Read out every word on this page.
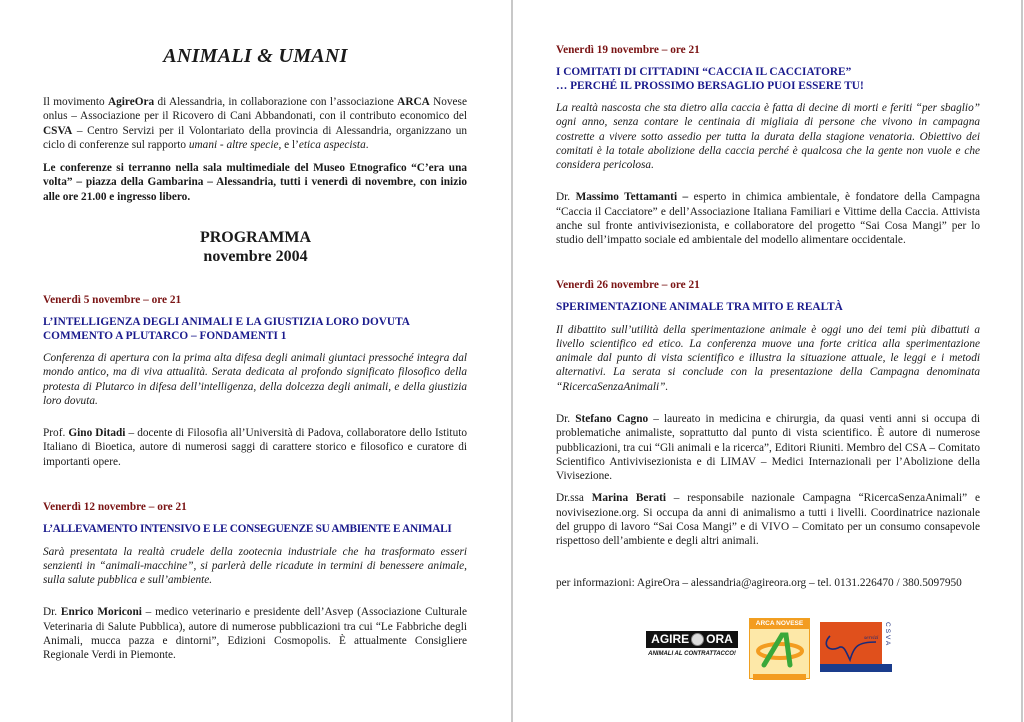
ANIMALI & UMANI

Il movimento AgireOra di Alessandria, in collaborazione con l’associazione ARCA Novese onlus – Associazione per il Ricovero di Cani Abbandonati, con il contributo economico del CSVA – Centro Servizi per il Volontariato della provincia di Alessandria, organizzano un ciclo di conferenze sul rapporto umani - altre specie, e l’etica aspecista.

Le conferenze si terranno nella sala multimediale del Museo Etnografico “C’era una volta” – piazza della Gambarina – Alessandria, tutti i venerdì di novembre, con inizio alle ore 21.00 e ingresso libero.

PROGRAMMA
novembre 2004
Venerdì 5 novembre – ore 21
L’INTELLIGENZA DEGLI ANIMALI E LA GIUSTIZIA LORO DOVUTA
COMMENTO A PLUTARCO – FONDAMENTI 1

Conferenza di apertura con la prima alta difesa degli animali giuntaci pressoché integra dal mondo antico, ma di viva attualità. Serata dedicata al profondo significato filosofico della protesta di Plutarco in difesa dell’intelligenza, della dolcezza degli animali, e della giustizia loro dovuta.

Prof. Gino Ditadi – docente di Filosofia all’Università di Padova, collaboratore dello Istituto Italiano di Bioetica, autore di numerosi saggi di carattere storico e filosofico e curatore di importanti opere.

Venerdì 12 novembre – ore 21
L’ALLEVAMENTO INTENSIVO E LE CONSEGUENZE SU AMBIENTE E ANIMALI

Sarà presentata la realtà crudele della zootecnia industriale che ha trasformato esseri senzienti in “animali-macchine”, si parlerà delle ricadute in termini di benessere animale, sulla salute pubblica e sull’ambiente.

Dr. Enrico Moriconi – medico veterinario e presidente dell’Asvep (Associazione Culturale Veterinaria di Salute Pubblica), autore di numerose pubblicazioni tra cui “Le Fabbriche degli Animali, mucca pazza e dintorni”, Edizioni Cosmopolis. È attualmente Consigliere Regionale Verdi in Piemonte.

Venerdì 19 novembre – ore 21
I COMITATI DI CITTADINI “CACCIA IL CACCIATORE”
… PERCHÉ IL PROSSIMO BERSAGLIO PUOI ESSERE TU!

La realtà nascosta che sta dietro alla caccia è fatta di decine di morti e feriti “per sbaglio” ogni anno, senza contare le centinaia di migliaia di persone che vivono in campagna costrette a vivere sotto assedio per tutta la durata della stagione venatoria. Obiettivo dei comitati è la totale abolizione della caccia perché è qualcosa che la gente non vuole e che considera pericolosa.

Dr. Massimo Tettamanti – esperto in chimica ambientale, è fondatore della Campagna “Caccia il Cacciatore” e dell’Associazione Italiana Familiari e Vittime della Caccia. Attivista anche sul fronte antivivisezionista, e collaboratore del progetto “Sai Cosa Mangi” per lo studio dell’impatto sociale ed ambientale del modello alimentare occidentale.

Venerdì 26 novembre – ore 21
SPERIMENTAZIONE ANIMALE TRA MITO E REALTÀ

Il dibattito sull’utilità della sperimentazione animale è oggi uno dei temi più dibattuti a livello scientifico ed etico. La conferenza muove una forte critica alla sperimentazione animale dal punto di vista scientifico e illustra la situazione attuale, le leggi e i metodi alternativi. La serata si conclude con la presentazione della Campagna denominata “RicercaSenzaAnimali”.

Dr. Stefano Cagno – laureato in medicina e chirurgia, da quasi venti anni si occupa di problematiche animaliste, soprattutto dal punto di vista scientifico. È autore di numerose pubblicazioni, tra cui “Gli animali e la ricerca”, Editori Riuniti. Membro del CSA – Comitato Scientifico Antivivisezionista e di LIMAV – Medici Internazionali per l’Abolizione della Vivisezione.

Dr.ssa Marina Berati – responsabile nazionale Campagna “RicercaSenzaAnimali” e novivisezione.org. Si occupa da anni di animalismo a tutti i livelli. Coordinatrice nazionale del gruppo di lavoro “Sai Cosa Mangi” e di VIVO – Comitato per un consumo consapevole rispettoso dell’ambiente e degli altri animali.

per informazioni: AgireOra – alessandria@agireora.org – tel. 0131.226470 / 380.5097950

AGIRE ORA
ANIMALI AL CONTRATTACCO!
ARCA NOVESE
servizi CSVA
